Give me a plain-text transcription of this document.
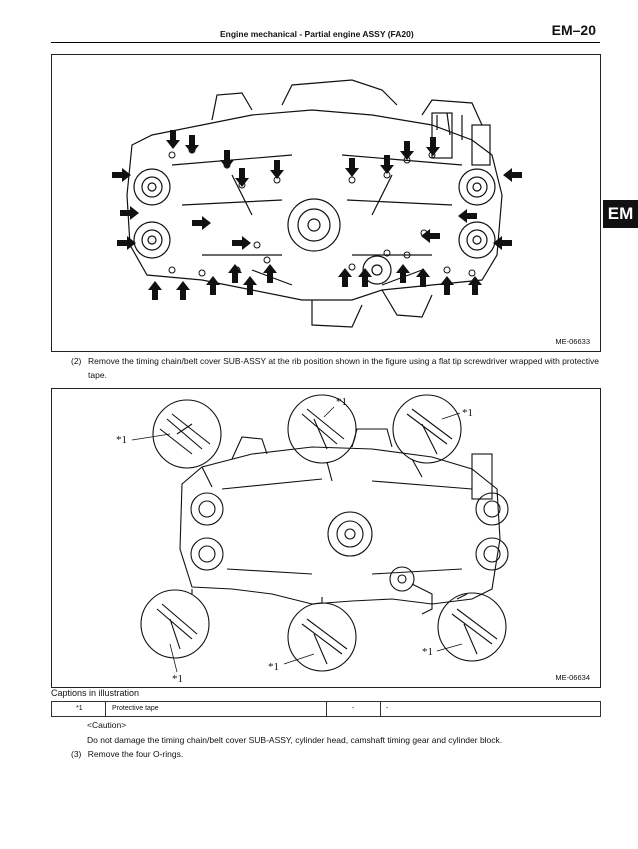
Engine mechanical - Partial engine ASSY (FA20)	EM–20
EM
ME-06633
(2) Remove the timing chain/belt cover SUB-ASSY at the rib position shown in the figure using a flat tip screwdriver wrapped with protective tape.
*1
*1
*1
*1
*1
*1
ME-06634
Captions in illustration
*1	Protective tape	-	-
<Caution>
Do not damage the timing chain/belt cover SUB-ASSY, cylinder head, camshaft timing gear and cylinder block.
(3) Remove the four O-rings.
